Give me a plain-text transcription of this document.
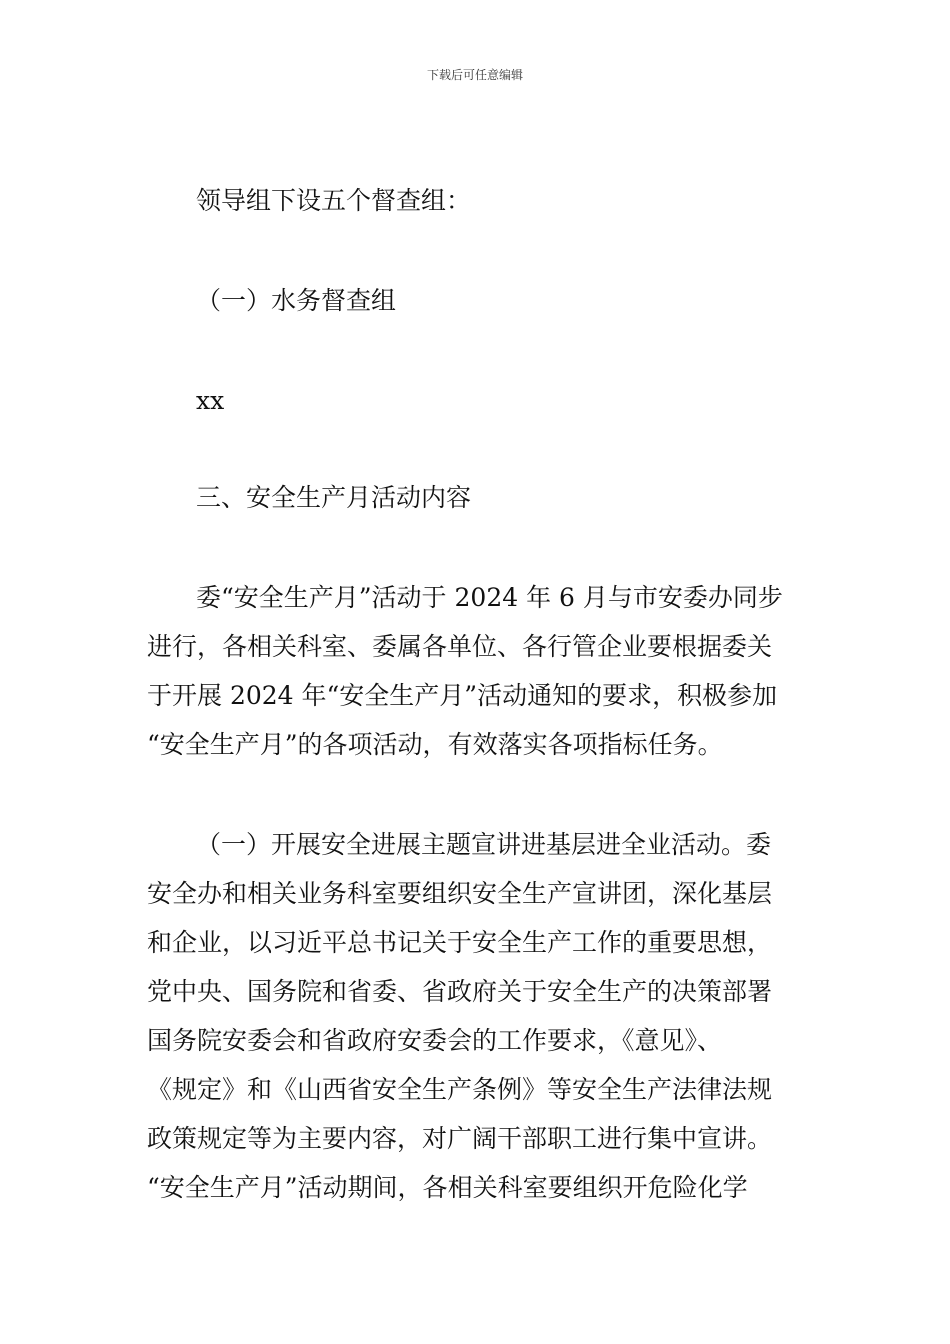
下载后可任意编辑
领导组下设五个督查组：
（一）水务督查组
xx
三、安全生产月活动内容
委“安全生产月”活动于 2024 年 6 月与市安委办同步
进行，各相关科室、委属各单位、各行管企业要根据委关
于开展 2024 年“安全生产月”活动通知的要求，积极参加
“安全生产月”的各项活动，有效落实各项指标任务。
（一）开展安全进展主题宣讲进基层进全业活动。委
安全办和相关业务科室要组织安全生产宣讲团，深化基层
和企业，以习近平总书记关于安全生产工作的重要思想，
党中央、国务院和省委、省政府关于安全生产的决策部署
国务院安委会和省政府安委会的工作要求，《意见》、
《规定》和《山西省安全生产条例》等安全生产法律法规
政策规定等为主要内容，对广阔干部职工进行集中宣讲。
“安全生产月”活动期间，各相关科室要组织开危险化学
